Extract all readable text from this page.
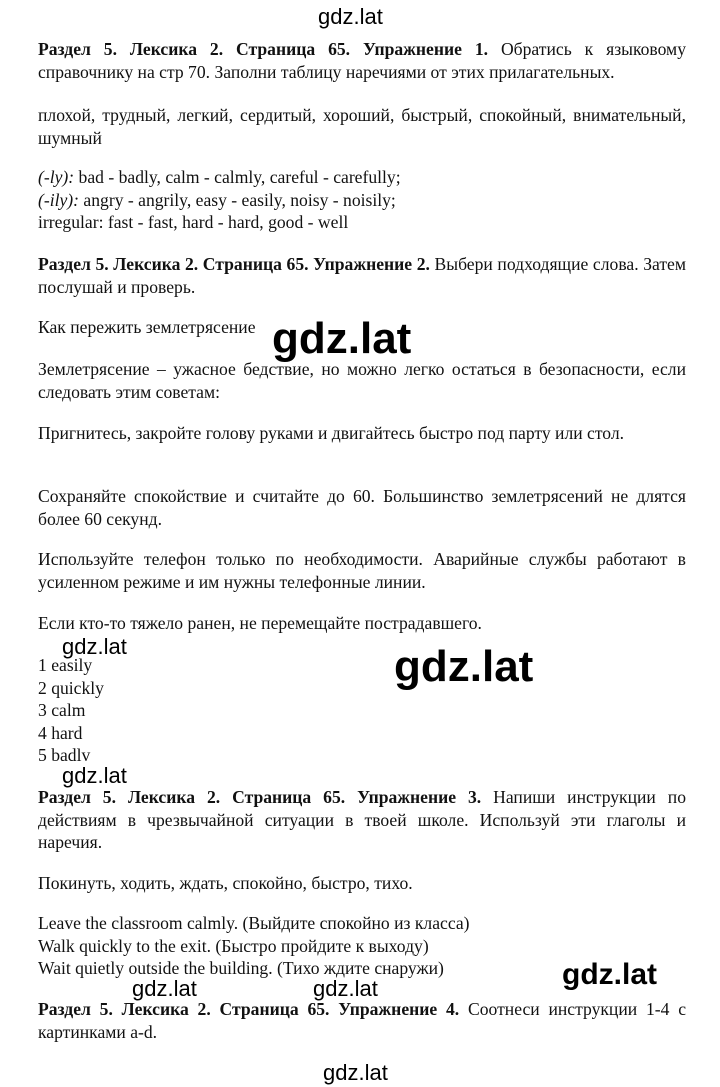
gdz.lat
gdz.lat
gdz.lat	gdz.lat
gdz.lat
gdz.lat
gdz.lat	gdz.lat
gdz.lat
Раздел 5. Лексика 2. Страница 65. Упражнение 1. Обратись к языковому справочнику на стр 70. Заполни таблицу наречиями от этих прилагательных.
плохой, трудный, легкий, сердитый, хороший, быстрый, спокойный, внимательный, шумный
(-ly): bad - badly, calm - calmly, careful - carefully;
(-ily): angry - angrily, easy - easily, noisy - noisily;
irregular: fast - fast, hard - hard, good - well
Раздел 5. Лексика 2. Страница 65. Упражнение 2. Выбери подходящие слова. Затем послушай и проверь.
Как пережить землетрясение
Землетрясение – ужасное бедствие, но можно легко остаться в безопасности, если следовать этим советам:
Пригнитесь, закройте голову руками и двигайтесь быстро под парту или стол.
Сохраняйте спокойствие и считайте до 60. Большинство землетрясений не длятся более 60 секунд.
Используйте телефон только по необходимости. Аварийные службы работают в усиленном режиме и им нужны телефонные линии.
Если кто-то тяжело ранен, не перемещайте пострадавшего.
1 easily
2 quickly
3 calm
4 hard
5 badlv
Раздел 5. Лексика 2. Страница 65. Упражнение 3. Напиши инструкции по действиям в чрезвычайной ситуации в твоей школе. Используй эти глаголы и наречия.
Покинуть, ходить, ждать, спокойно, быстро, тихо.
Leave the classroom calmly. (Выйдите спокойно из класса)
Walk quickly to the exit. (Быстро пройдите к выходу)
Wait quietly outside the building. (Тихо ждите снаружи)
Раздел 5. Лексика 2. Страница 65. Упражнение 4. Соотнеси инструкции 1-4 с картинками a-d.
